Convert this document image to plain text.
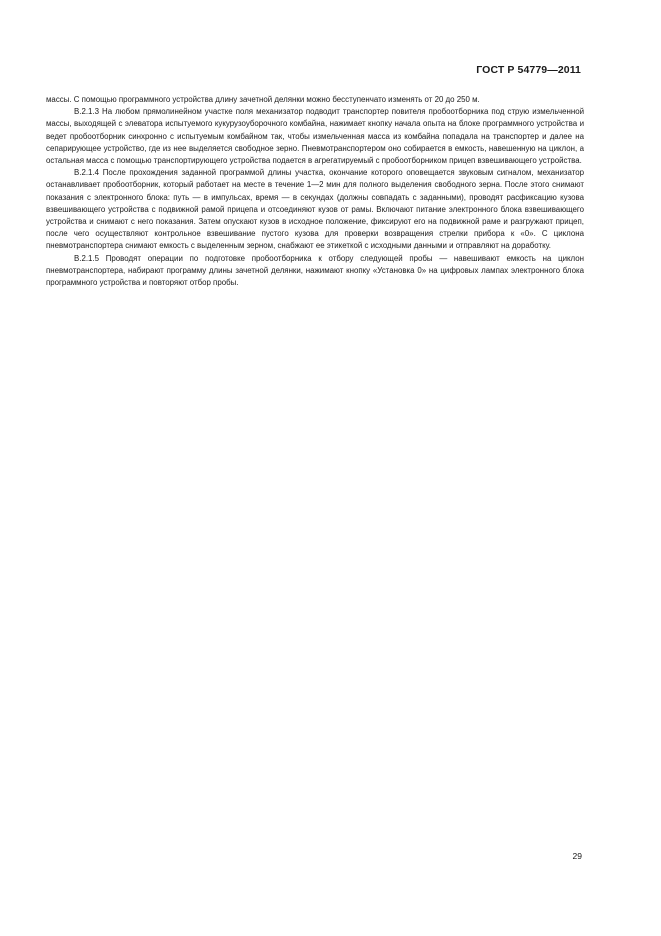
ГОСТ Р 54779—2011

массы. С помощью программного устройства длину зачетной делянки можно бесступенчато изменять от 20 до 250 м.

В.2.1.3 На любом прямолинейном участке поля механизатор подводит транспортер повителя пробоотборника под струю измельченной массы, выходящей с элеватора испытуемого кукурузоуборочного комбайна, нажимает кнопку начала опыта на блоке программного устройства и ведет пробоотборник синхронно с испытуемым комбайном так, чтобы измельченная масса из комбайна попадала на транспортер и далее на сепарирующее устройство, где из нее выделяется свободное зерно. Пневмотранспортером оно собирается в емкость, навешенную на циклон, а остальная масса с помощью транспортирующего устройства подается в агрегатируемый с пробоотборником прицеп взвешивающего устройства.

В.2.1.4 После прохождения заданной программой длины участка, окончание которого оповещается звуковым сигналом, механизатор останавливает пробоотборник, который работает на месте в течение 1—2 мин для полного выделения свободного зерна. После этого снимают показания с электронного блока: путь — в импульсах, время — в секундах (должны совпадать с заданными), проводят расфиксацию кузова взвешивающего устройства с подвижной рамой прицепа и отсоединяют кузов от рамы. Включают питание электронного блока взвешивающего устройства и снимают с него показания. Затем опускают кузов в исходное положение, фиксируют его на подвижной раме и разгружают прицеп, после чего осуществляют контрольное взвешивание пустого кузова для проверки возвращения стрелки прибора к «0». С циклона пневмотранспортера снимают емкость с выделенным зерном, снабжают ее этикеткой с исходными данными и отправляют на доработку.

В.2.1.5 Проводят операции по подготовке пробоотборника к отбору следующей пробы — навешивают емкость на циклон пневмотранспортера, набирают программу длины зачетной делянки, нажимают кнопку «Установка 0» на цифровых лампах электронного блока программного устройства и повторяют отбор пробы.

29
